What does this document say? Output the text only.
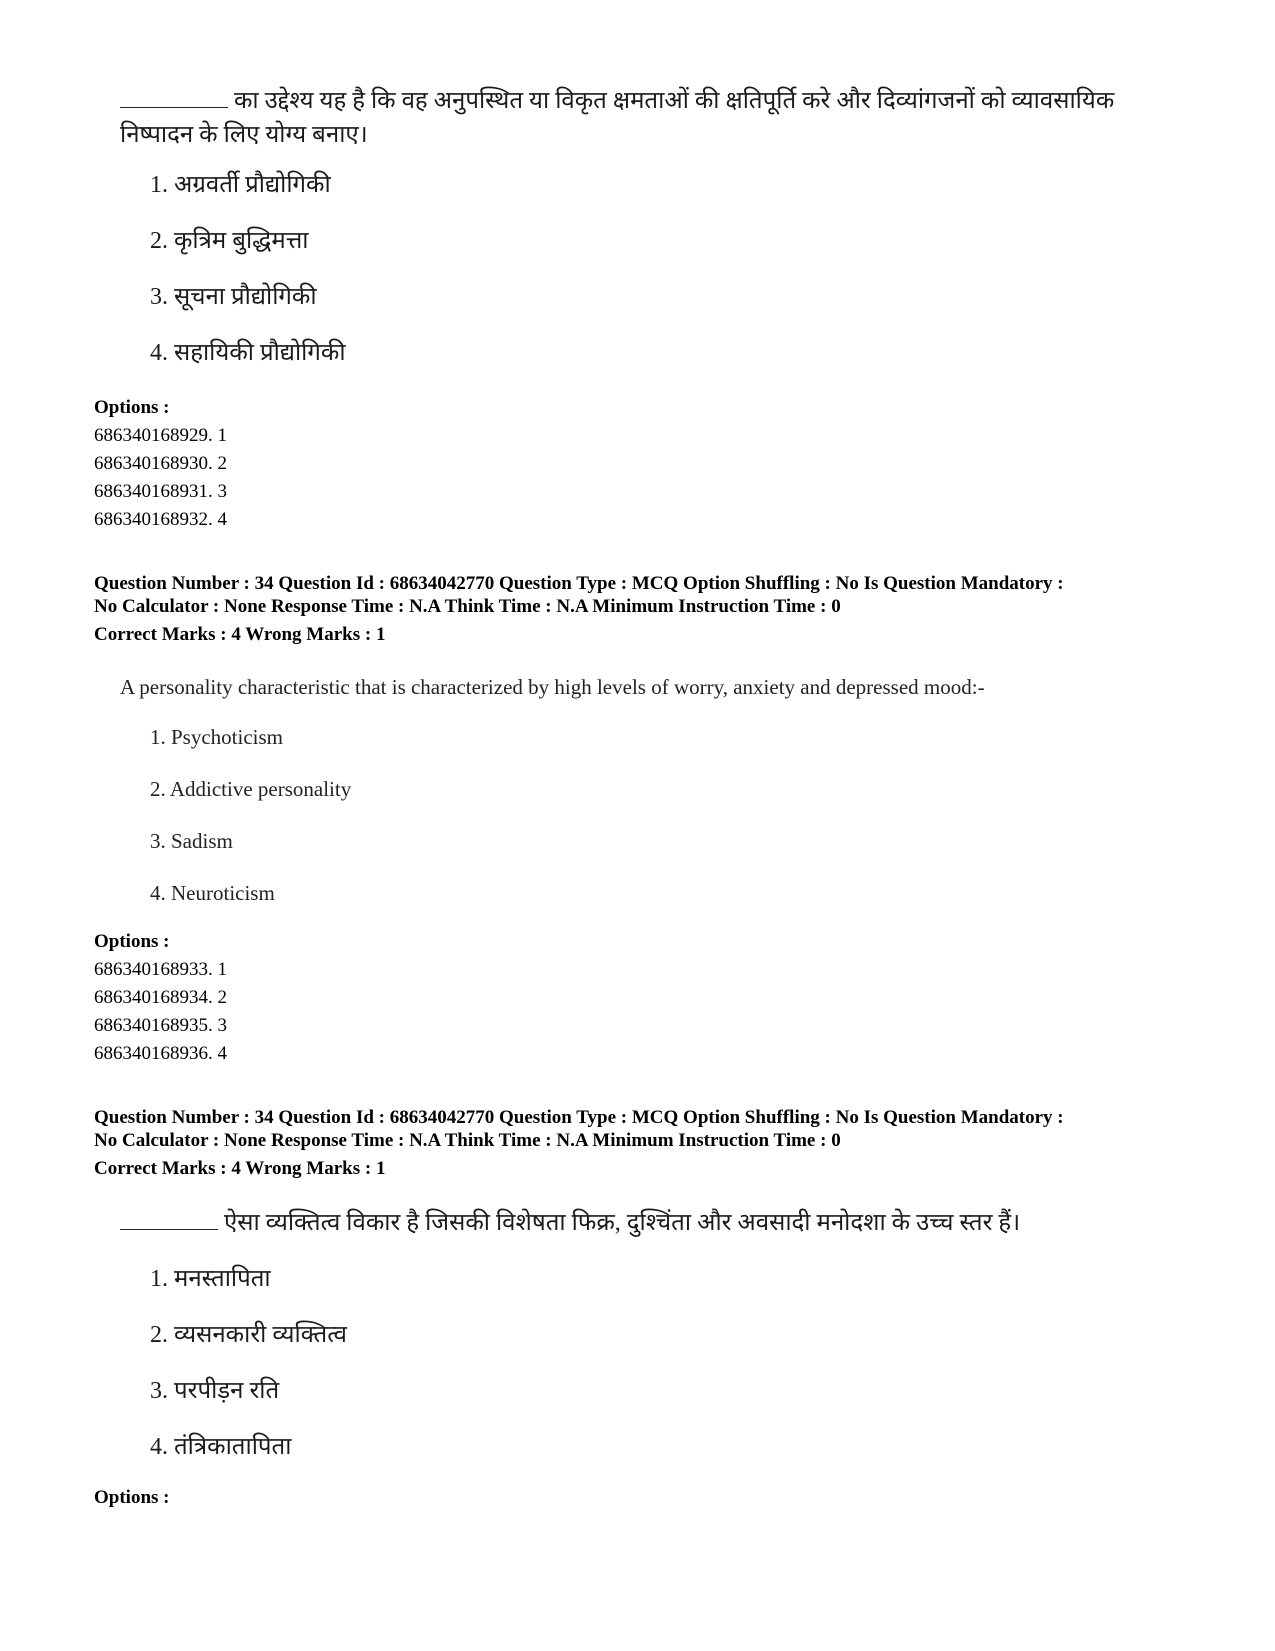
का उद्देश्य यह है कि वह अनुपस्थित या विकृत क्षमताओं की क्षतिपूर्ति करे और दिव्यांगजनों को व्यावसायिक निष्पादन के लिए योग्य बनाए।
1. अग्रवर्ती प्रौद्योगिकी
2. कृत्रिम बुद्धिमत्ता
3. सूचना प्रौद्योगिकी
4. सहायिकी प्रौद्योगिकी
Options :
686340168929. 1
686340168930. 2
686340168931. 3
686340168932. 4
Question Number : 34 Question Id : 68634042770 Question Type : MCQ Option Shuffling : No Is Question Mandatory :
No Calculator : None Response Time : N.A Think Time : N.A Minimum Instruction Time : 0
Correct Marks : 4 Wrong Marks : 1
A personality characteristic that is characterized by high levels of worry, anxiety and depressed mood:-
1. Psychoticism
2. Addictive personality
3. Sadism
4. Neuroticism
Options :
686340168933. 1
686340168934. 2
686340168935. 3
686340168936. 4
Question Number : 34 Question Id : 68634042770 Question Type : MCQ Option Shuffling : No Is Question Mandatory :
No Calculator : None Response Time : N.A Think Time : N.A Minimum Instruction Time : 0
Correct Marks : 4 Wrong Marks : 1
ऐसा व्यक्तित्व विकार है जिसकी विशेषता फिक्र, दुश्चिंता और अवसादी मनोदशा के उच्च स्तर हैं।
1. मनस्तापिता
2. व्यसनकारी व्यक्तित्व
3. परपीड़न रति
4. तंत्रिकातापिता
Options :
